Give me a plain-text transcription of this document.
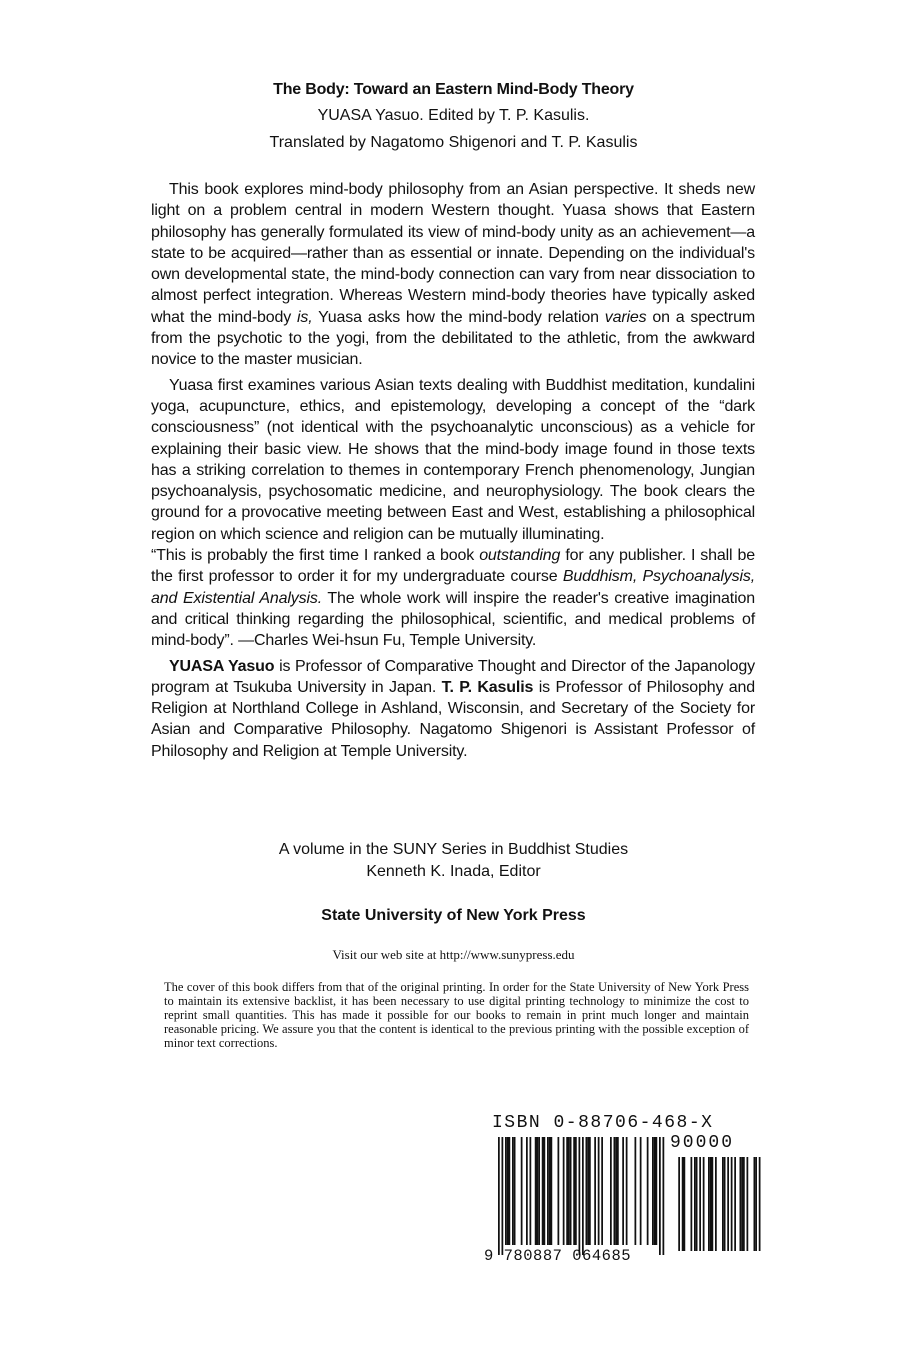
The Body: Toward an Eastern Mind-Body Theory

YUASA Yasuo. Edited by T. P. Kasulis.

Translated by Nagatomo Shigenori and T. P. Kasulis

This book explores mind-body philosophy from an Asian perspective. It sheds new light on a problem central in modern Western thought. Yuasa shows that Eastern philosophy has generally formulated its view of mind-body unity as an achievement—a state to be acquired—rather than as essential or innate. Depending on the individual's own developmental state, the mind-body connection can vary from near dissociation to almost perfect integration. Whereas Western mind-body theories have typically asked what the mind-body is, Yuasa asks how the mind-body relation varies on a spectrum from the psychotic to the yogi, from the debilitated to the athletic, from the awkward novice to the master musician.

Yuasa first examines various Asian texts dealing with Buddhist meditation, kundalini yoga, acupuncture, ethics, and epistemology, developing a concept of the “dark consciousness” (not identical with the psychoanalytic unconscious) as a vehicle for explaining their basic view. He shows that the mind-body image found in those texts has a striking correlation to themes in contemporary French phenomenology, Jungian psychoanalysis, psychosomatic medicine, and neurophysiology. The book clears the ground for a provocative meeting between East and West, establishing a philosophical region on which science and religion can be mutually illuminating.

“This is probably the first time I ranked a book outstanding for any publisher. I shall be the first professor to order it for my undergraduate course Buddhism, Psychoanalysis, and Existential Analysis. The whole work will inspire the reader's creative imagination and critical thinking regarding the philosophical, scientific, and medical problems of mind-body”. —Charles Wei-hsun Fu, Temple University.

YUASA Yasuo is Professor of Comparative Thought and Director of the Japanology program at Tsukuba University in Japan. T. P. Kasulis is Professor of Philosophy and Religion at Northland College in Ashland, Wisconsin, and Secretary of the Society for Asian and Comparative Philosophy. Nagatomo Shigenori is Assistant Professor of Philosophy and Religion at Temple University.

A volume in the SUNY Series in Buddhist Studies

Kenneth K. Inada, Editor

State University of New York Press
Visit our web site at http://www.sunypress.edu
The cover of this book differs from that of the original printing. In order for the State University of New York Press to maintain its extensive backlist, it has been necessary to use digital printing technology to minimize the cost to reprint small quantities. This has made it possible for our books to remain in print much longer and maintain reasonable pricing. We assure you that the content is identical to the previous printing with the possible exception of minor text corrections.
ISBN 0-88706-468-X
90000
9 780887 064685
